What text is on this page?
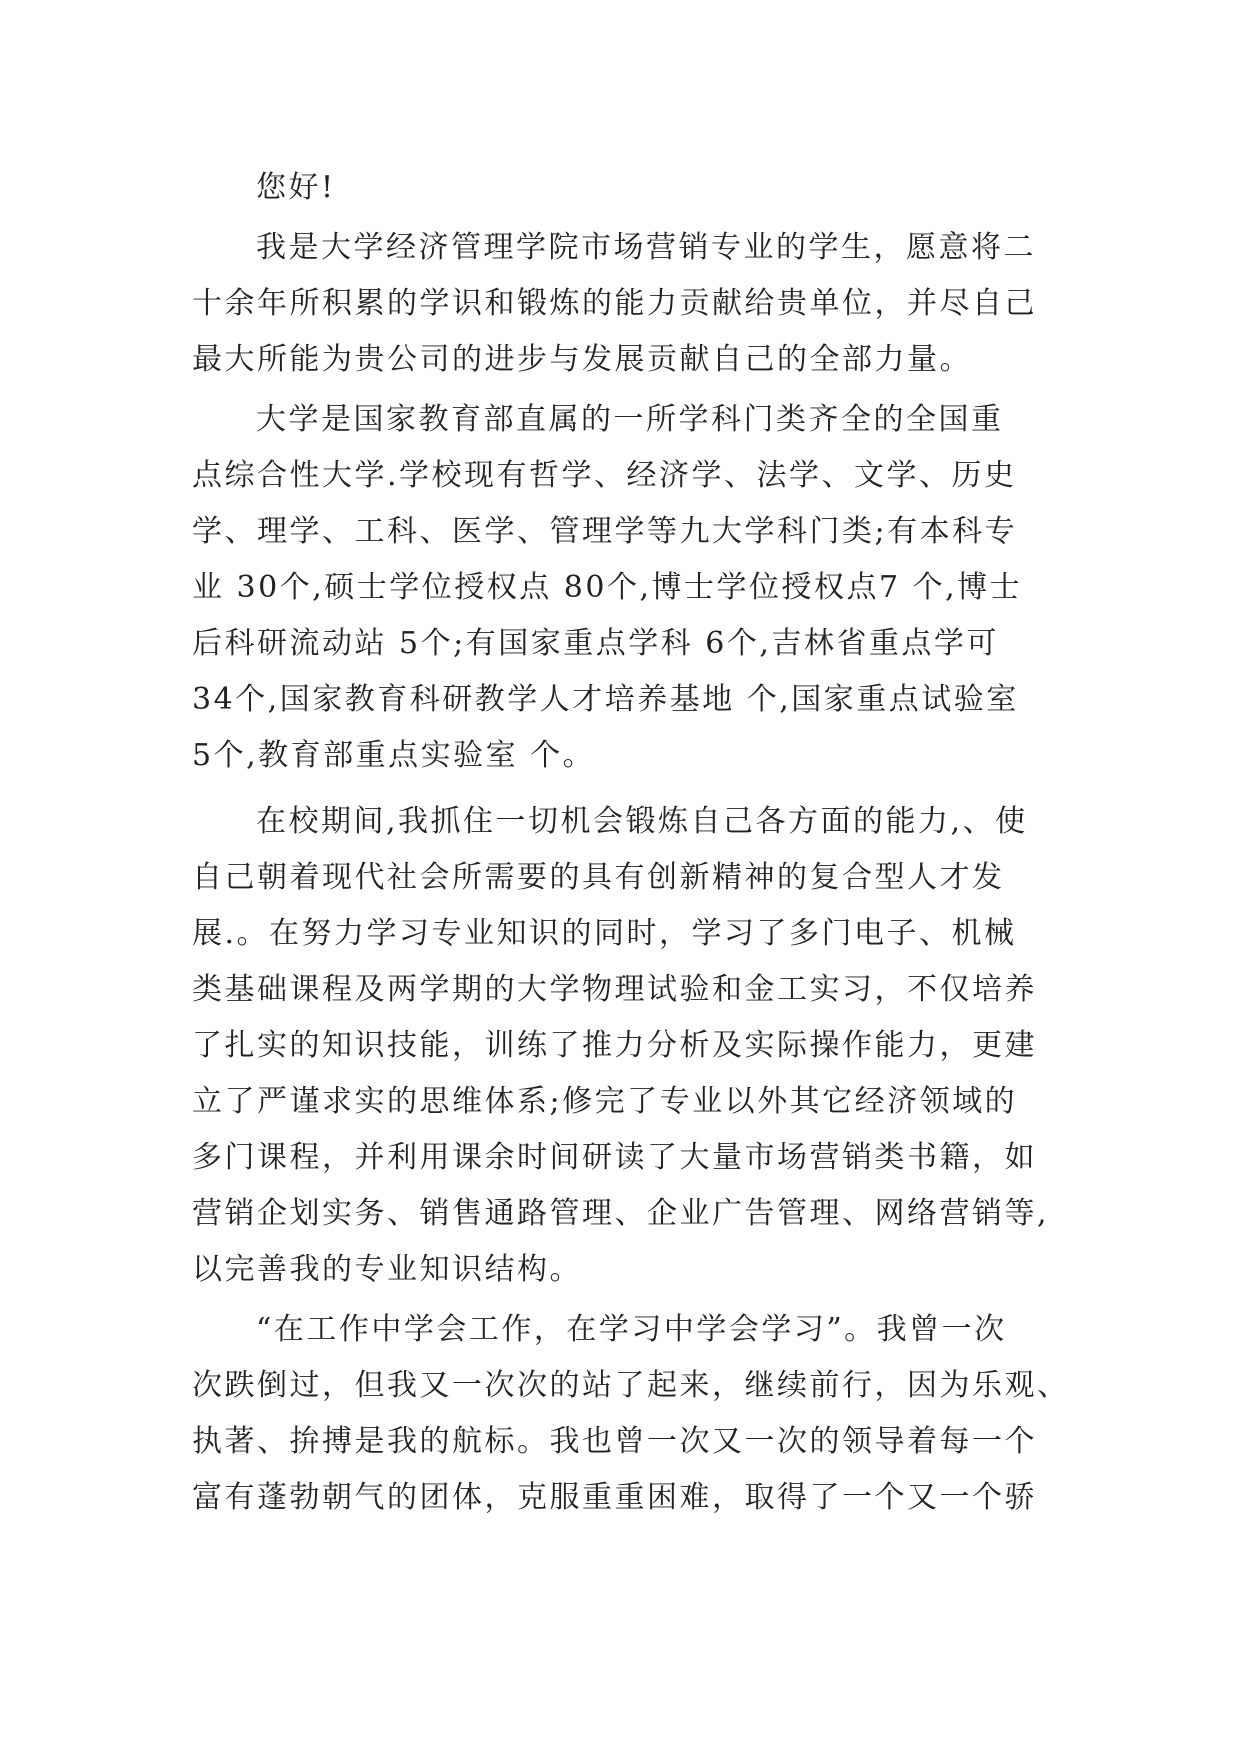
您好!
我是大学经济管理学院市场营销专业的学生，愿意将二
十余年所积累的学识和锻炼的能力贡献给贵单位，并尽自己
最大所能为贵公司的进步与发展贡献自己的全部力量。
大学是国家教育部直属的一所学科门类齐全的全国重
点综合性大学.学校现有哲学、经济学、法学、文学、历史
学、理学、工科、医学、管理学等九大学科门类;有本科专
业 30个,硕士学位授权点 80个,博士学位授权点7 个,博士
后科研流动站 5个;有国家重点学科 6个,吉林省重点学可
34个,国家教育科研教学人才培养基地 个,国家重点试验室
5个,教育部重点实验室 个。
在校期间,我抓住一切机会锻炼自己各方面的能力,、使
自己朝着现代社会所需要的具有创新精神的复合型人才发
展.。在努力学习专业知识的同时，学习了多门电子、机械
类基础课程及两学期的大学物理试验和金工实习，不仅培养
了扎实的知识技能，训练了推力分析及实际操作能力，更建
立了严谨求实的思维体系;修完了专业以外其它经济领域的
多门课程，并利用课余时间研读了大量市场营销类书籍，如
营销企划实务、销售通路管理、企业广告管理、网络营销等,
以完善我的专业知识结构。
“在工作中学会工作，在学习中学会学习”。我曾一次
次跌倒过，但我又一次次的站了起来，继续前行，因为乐观、
执著、拚搏是我的航标。我也曾一次又一次的领导着每一个
富有蓬勃朝气的团体，克服重重困难，取得了一个又一个骄
